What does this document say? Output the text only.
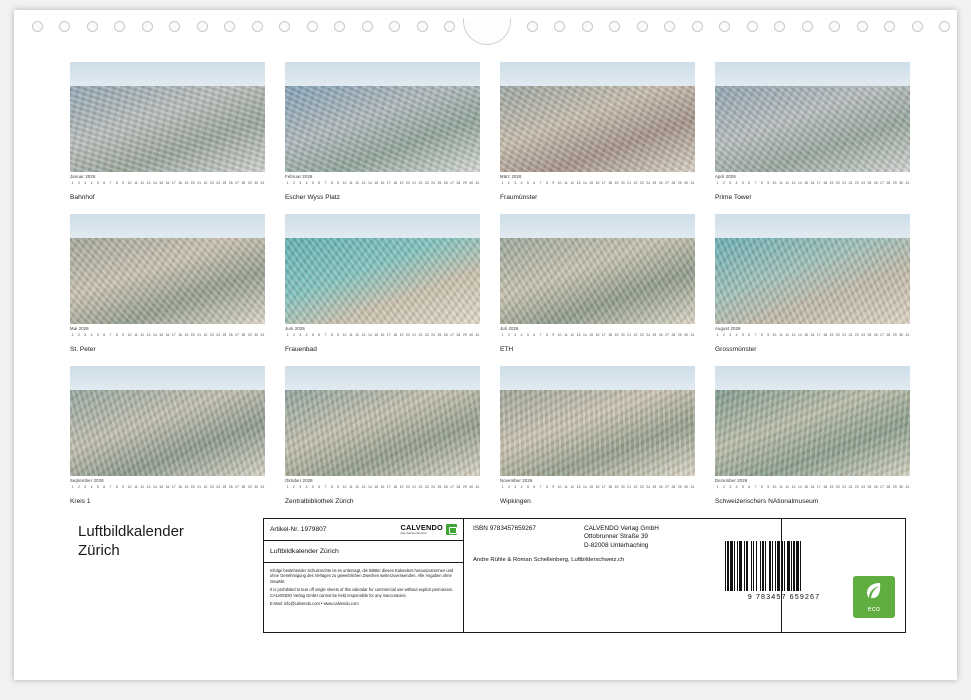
Januar 2026
1	2	3	4	5	6	7	8	9	10 11 12 13 14 15 16 17 18 19 20 21 22 23 24 25 26 27 28 29 30 31
Bahnhof
Februar 2026
1	2	3	4	5	6	7	8	9	10 11 12 13 14 15 16 17 18 19 20 21 22 23 24 25 26 27 28 29 30 31
Escher Wyss Platz
März 2026
1	2	3	4	5	6	7	8	9	10 11 12 13 14 15 16 17 18 19 20 21 22 23 24 25 26 27 28 29 30 31
Fraumünster
April 2026
1	2	3	4	5	6	7	8	9	10 11 12 13 14 15 16 17 18 19 20 21 22 23 24 25 26 27 28 29 30 31
Prime Tower
Mai 2026
1	2	3	4	5	6	7	8	9	10 11 12 13 14 15 16 17 18 19 20 21 22 23 24 25 26 27 28 29 30 31
St. Peter
Juni 2026
1	2	3	4	5	6	7	8	9	10 11 12 13 14 15 16 17 18 19 20 21 22 23 24 25 26 27 28 29 30 31
Frauenbad
Juli 2026
1	2	3	4	5	6	7	8	9	10 11 12 13 14 15 16 17 18 19 20 21 22 23 24 25 26 27 28 29 30 31
ETH
August 2026
1	2	3	4	5	6	7	8	9	10 11 12 13 14 15 16 17 18 19 20 21 22 23 24 25 26 27 28 29 30 31
Grossmünster
September 2026
1	2	3	4	5	6	7	8	9	10 11 12 13 14 15 16 17 18 19 20 21 22 23 24 25 26 27 28 29 30 31
Kreis 1
Oktober 2026
1	2	3	4	5	6	7	8	9	10 11 12 13 14 15 16 17 18 19 20 21 22 23 24 25 26 27 28 29 30 31
Zentralbibliothek Zürich
November 2026
1	2	3	4	5	6	7	8	9	10 11 12 13 14 15 16 17 18 19 20 21 22 23 24 25 26 27 28 29 30 31
Wipkingen
Dezember 2026
1	2	3	4	5	6	7	8	9	10 11 12 13 14 15 16 17 18 19 20 21 22 23 24 25 26 27 28 29 30 31
Schweizerischers NAtionalmuseum
Luftbildkalender
Zürich
Artikel-Nr. 1979807	CALVENDO
das Sammelsurium
Luftbildkalender Zürich
Infolge bestehender Schutzrechte ist es untersagt, die Blätter dieses Kalenders herauszutrennen und ohne Genehmigung des Verlages zu gewerblichen Zwecken weiterzuverwenden. Alle Angaben ohne Gewähr.
It is prohibited to tear off single sheets of this calendar for commercial use without explicit permission. CALVENDO Verlag GmbH cannot be held responsible for any inaccuracies.
E-Mail: info@calvendo.com • www.calvendo.com
ISBN 9783457659267	CALVENDO Verlag GmbH
Ottobrunner Straße 39
D-82008 Unterhaching
Andre Rühle & Roman Schellenberg, Luftbilderschweiz.ch
9 783457 659267
eco
